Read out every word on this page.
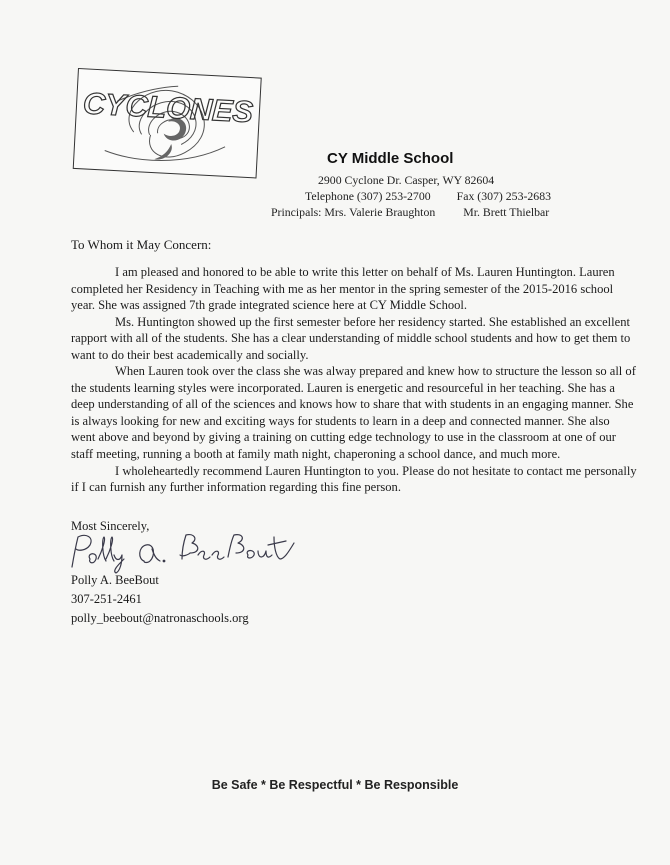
CYCLONES
CY Middle School
2900 Cyclone Dr. Casper, WY 82604
Telephone (307) 253-2700 Fax (307) 253-2683
Principals: Mrs. Valerie Braughton Mr. Brett Thielbar
To Whom it May Concern:

I am pleased and honored to be able to write this letter on behalf of Ms. Lauren Huntington. Lauren completed her Residency in Teaching with me as her mentor in the spring semester of the 2015-2016 school year. She was assigned 7th grade integrated science here at CY Middle School.
Ms. Huntington showed up the first semester before her residency started. She established an excellent rapport with all of the students. She has a clear understanding of middle school students and how to get them to want to do their best academically and socially.
When Lauren took over the class she was alway prepared and knew how to structure the lesson so all of the students learning styles were incorporated. Lauren is energetic and resourceful in her teaching. She has a deep understanding of all of the sciences and knows how to share that with students in an engaging manner. She is always looking for new and exciting ways for students to learn in a deep and connected manner. She also went above and beyond by giving a training on cutting edge technology to use in the classroom at one of our staff meeting, running a booth at family math night, chaperoning a school dance, and much more.
I wholeheartedly recommend Lauren Huntington to you. Please do not hesitate to contact me personally if I can furnish any further information regarding this fine person.

Most Sincerely,
Polly A. BeeBout
307-251-2461
polly_beebout@natronaschools.org
Be Safe * Be Respectful * Be Responsible
